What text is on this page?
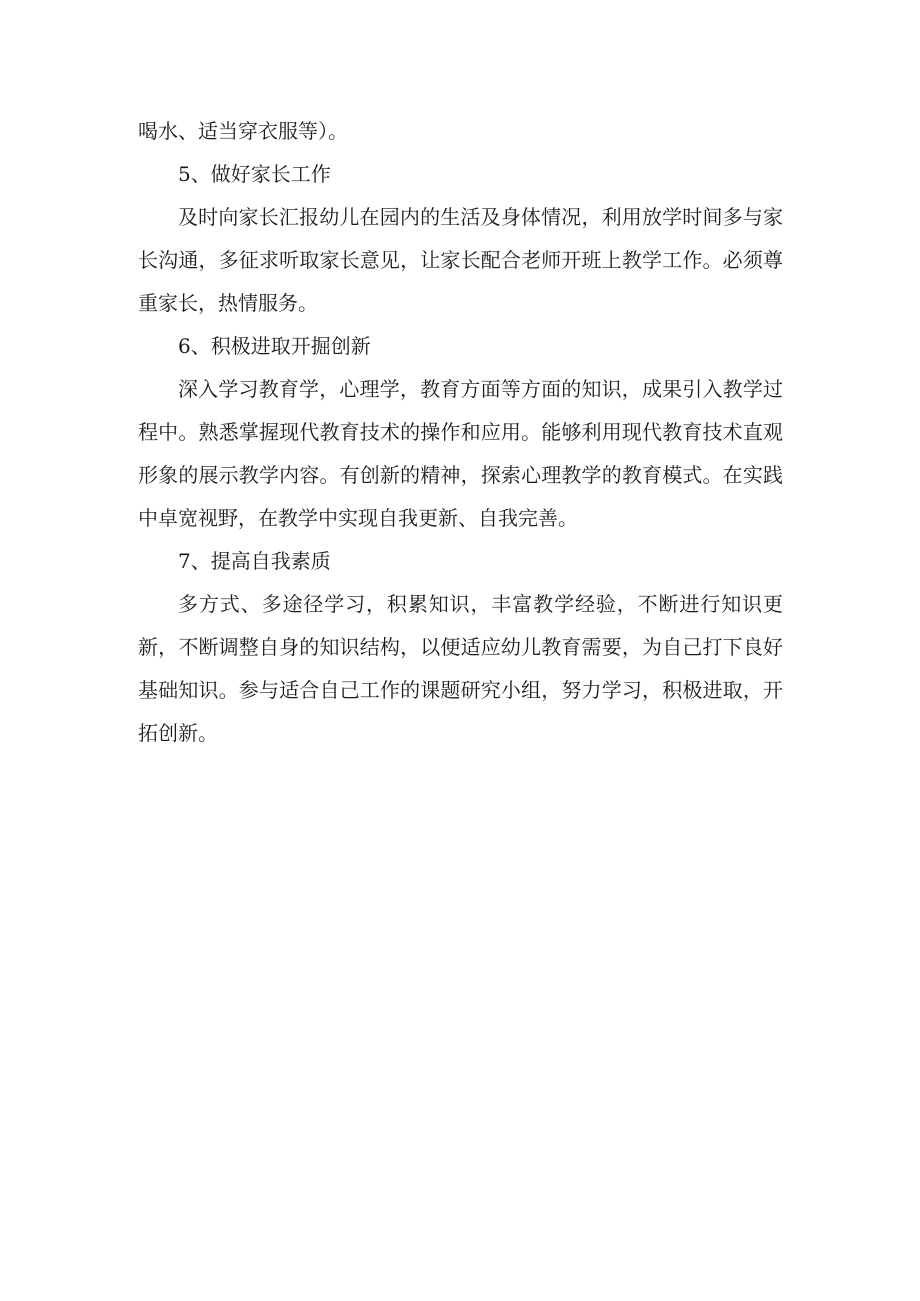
喝水、适当穿衣服等）。

5、做好家长工作

及时向家长汇报幼儿在园内的生活及身体情况，利用放学时间多与家长沟通，多征求听取家长意见，让家长配合老师开班上教学工作。必须尊重家长，热情服务。

6、积极进取开掘创新

深入学习教育学，心理学，教育方面等方面的知识，成果引入教学过程中。熟悉掌握现代教育技术的操作和应用。能够利用现代教育技术直观形象的展示教学内容。有创新的精神，探索心理教学的教育模式。在实践中卓宽视野，在教学中实现自我更新、自我完善。

7、提高自我素质

多方式、多途径学习，积累知识，丰富教学经验，不断进行知识更新，不断调整自身的知识结构，以便适应幼儿教育需要，为自己打下良好基础知识。参与适合自己工作的课题研究小组，努力学习，积极进取，开拓创新。
